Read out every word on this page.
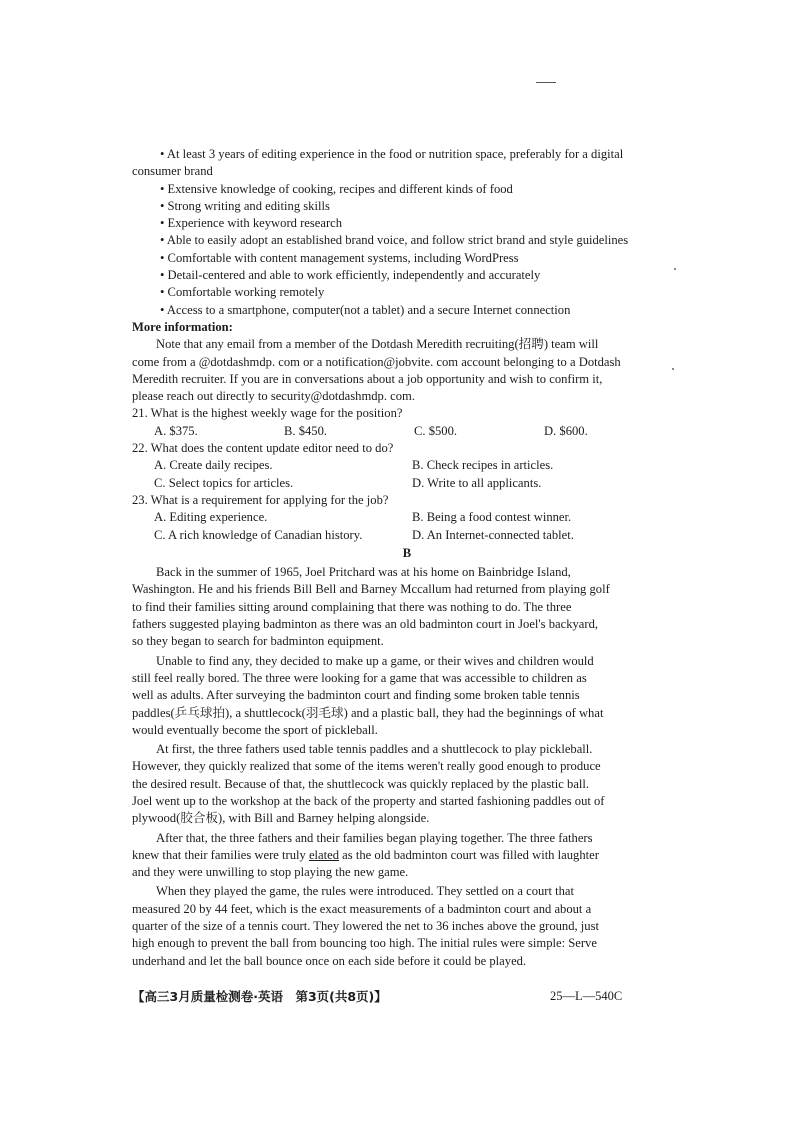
• At least 3 years of editing experience in the food or nutrition space, preferably for a digital
consumer brand
• Extensive knowledge of cooking, recipes and different kinds of food
• Strong writing and editing skills
• Experience with keyword research
• Able to easily adopt an established brand voice, and follow strict brand and style guidelines
• Comfortable with content management systems, including WordPress
• Detail-centered and able to work efficiently, independently and accurately
• Comfortable working remotely
• Access to a smartphone, computer(not a tablet) and a secure Internet connection
More information:
Note that any email from a member of the Dotdash Meredith recruiting(招聘) team will
come from a @dotdashmdp. com or a notification@jobvite. com account belonging to a Dotdash
Meredith recruiter. If you are in conversations about a job opportunity and wish to confirm it,
please reach out directly to security@dotdashmdp. com.
21. What is the highest weekly wage for the position?
A. $375.	B. $450.	C. $500.	D. $600.
22. What does the content update editor need to do?
A. Create daily recipes.	B. Check recipes in articles.
C. Select topics for articles.	D. Write to all applicants.
23. What is a requirement for applying for the job?
A. Editing experience.	B. Being a food contest winner.
C. A rich knowledge of Canadian history.	D. An Internet-connected tablet.
B
Back in the summer of 1965, Joel Pritchard was at his home on Bainbridge Island,
Washington. He and his friends Bill Bell and Barney Mccallum had returned from playing golf
to find their families sitting around complaining that there was nothing to do. The three
fathers suggested playing badminton as there was an old badminton court in Joel's backyard,
so they began to search for badminton equipment.
Unable to find any, they decided to make up a game, or their wives and children would
still feel really bored. The three were looking for a game that was accessible to children as
well as adults. After surveying the badminton court and finding some broken table tennis
paddles(乒乓球拍), a shuttlecock(羽毛球) and a plastic ball, they had the beginnings of what
would eventually become the sport of pickleball.
At first, the three fathers used table tennis paddles and a shuttlecock to play pickleball.
However, they quickly realized that some of the items weren't really good enough to produce
the desired result. Because of that, the shuttlecock was quickly replaced by the plastic ball.
Joel went up to the workshop at the back of the property and started fashioning paddles out of
plywood(胶合板), with Bill and Barney helping alongside.
After that, the three fathers and their families began playing together. The three fathers
knew that their families were truly elated as the old badminton court was filled with laughter
and they were unwilling to stop playing the new game.
When they played the game, the rules were introduced. They settled on a court that
measured 20 by 44 feet, which is the exact measurements of a badminton court and about a
quarter of the size of a tennis court. They lowered the net to 36 inches above the ground, just
high enough to prevent the ball from bouncing too high. The initial rules were simple: Serve
underhand and let the ball bounce once on each side before it could be played.
【高三3月质量检测卷·英语　第3页(共8页)】	25—L—540C
